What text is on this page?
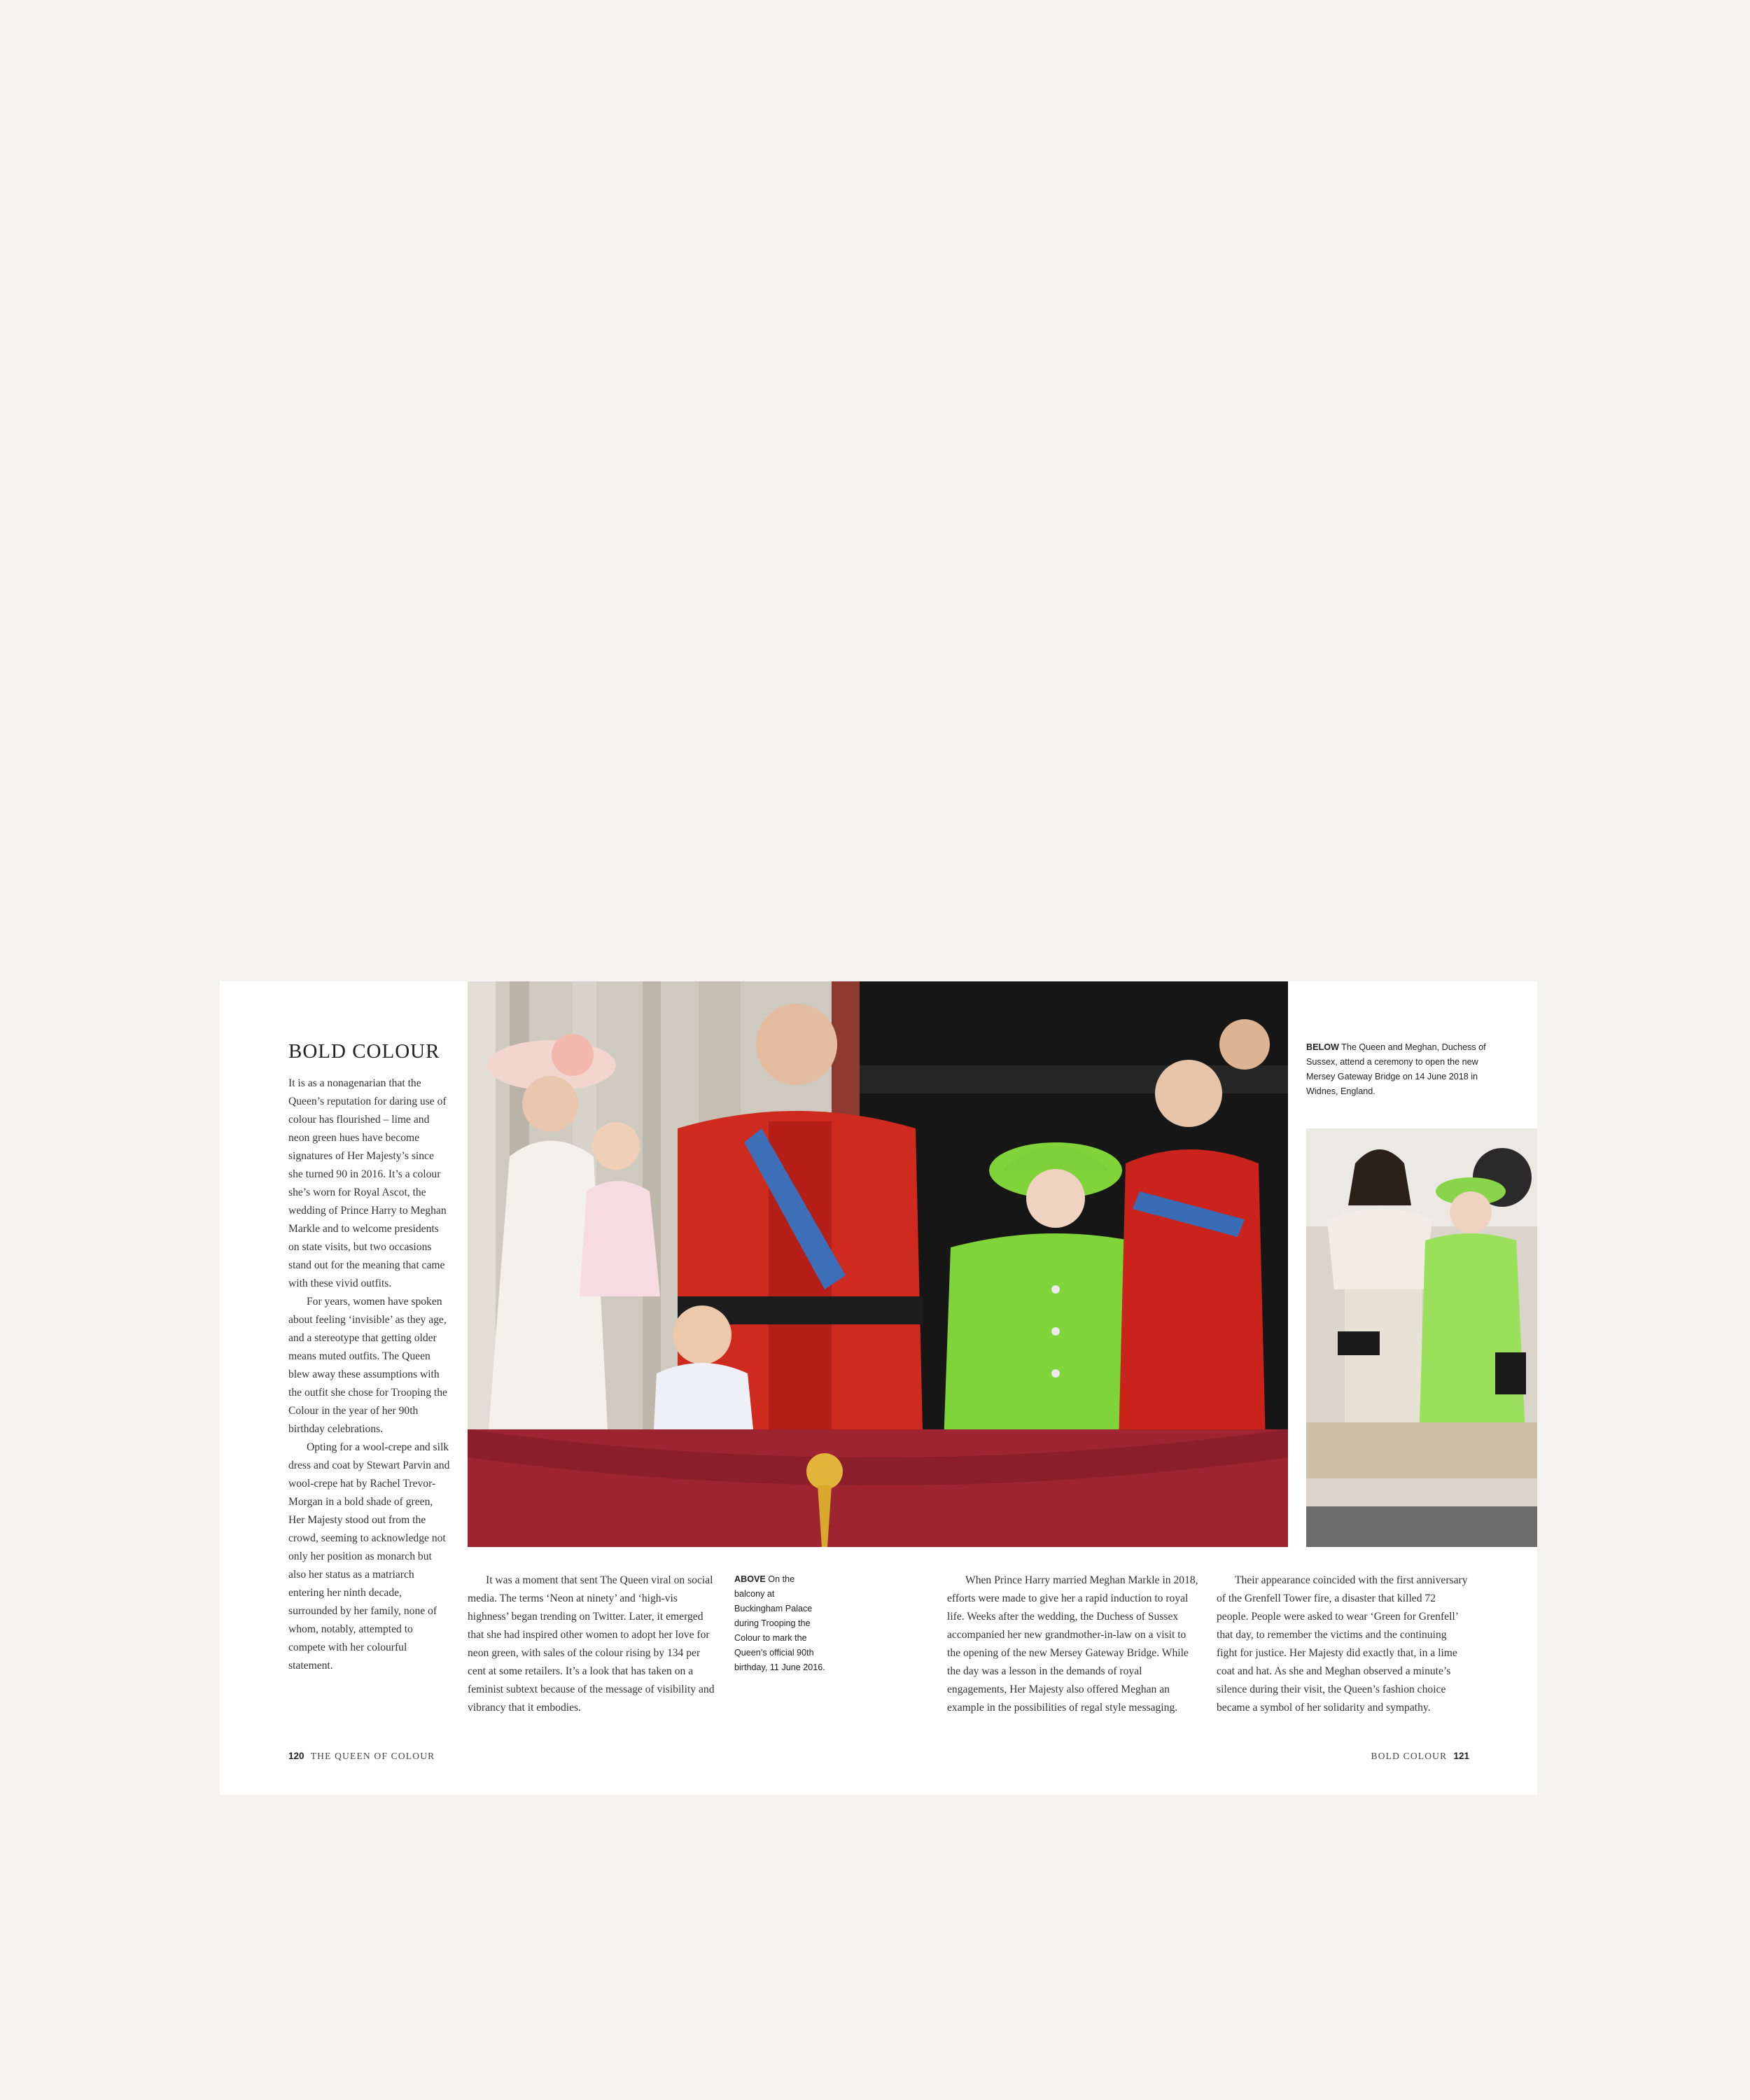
BOLD COLOUR

It is as a nonagenarian that the Queen’s reputation for daring use of colour has flourished – lime and neon green hues have become signatures of Her Majesty’s since she turned 90 in 2016. It’s a colour she’s worn for Royal Ascot, the wedding of Prince Harry to Meghan Markle and to welcome presidents on state visits, but two occasions stand out for the meaning that came with these vivid outfits.

For years, women have spoken about feeling ‘invisible’ as they age, and a stereotype that getting older means muted outfits. The Queen blew away these assumptions with the outfit she chose for Trooping the Colour in the year of her 90th birthday celebrations.

Opting for a wool-crepe and silk dress and coat by Stewart Parvin and wool-crepe hat by Rachel Trevor-Morgan in a bold shade of green, Her Majesty stood out from the crowd, seeming to acknowledge not only her position as monarch but also her status as a matriarch entering her ninth decade, surrounded by her family, none of whom, notably, attempted to compete with her colourful statement.

BELOW The Queen and Meghan, Duchess of Sussex, attend a ceremony to open the new Mersey Gateway Bridge on 14 June 2018 in Widnes, England.

It was a moment that sent The Queen viral on social media. The terms ‘Neon at ninety’ and ‘high-vis highness’ began trending on Twitter. Later, it emerged that she had inspired other women to adopt her love for neon green, with sales of the colour rising by 134 per cent at some retailers. It’s a look that has taken on a feminist subtext because of the message of visibility and vibrancy that it embodies.

ABOVE On the balcony at Buckingham Palace during Trooping the Colour to mark the Queen’s official 90th birthday, 11 June 2016.

When Prince Harry married Meghan Markle in 2018, efforts were made to give her a rapid induction to royal life. Weeks after the wedding, the Duchess of Sussex accompanied her new grandmother-in-law on a visit to the opening of the new Mersey Gateway Bridge. While the day was a lesson in the demands of royal engagements, Her Majesty also offered Meghan an example in the possibilities of regal style messaging.

Their appearance coincided with the first anniversary of the Grenfell Tower fire, a disaster that killed 72 people. People were asked to wear ‘Green for Grenfell’ that day, to remember the victims and the continuing fight for justice. Her Majesty did exactly that, in a lime coat and hat. As she and Meghan observed a minute’s silence during their visit, the Queen’s fashion choice became a symbol of her solidarity and sympathy.

120 THE QUEEN OF COLOUR	BOLD COLOUR 121
